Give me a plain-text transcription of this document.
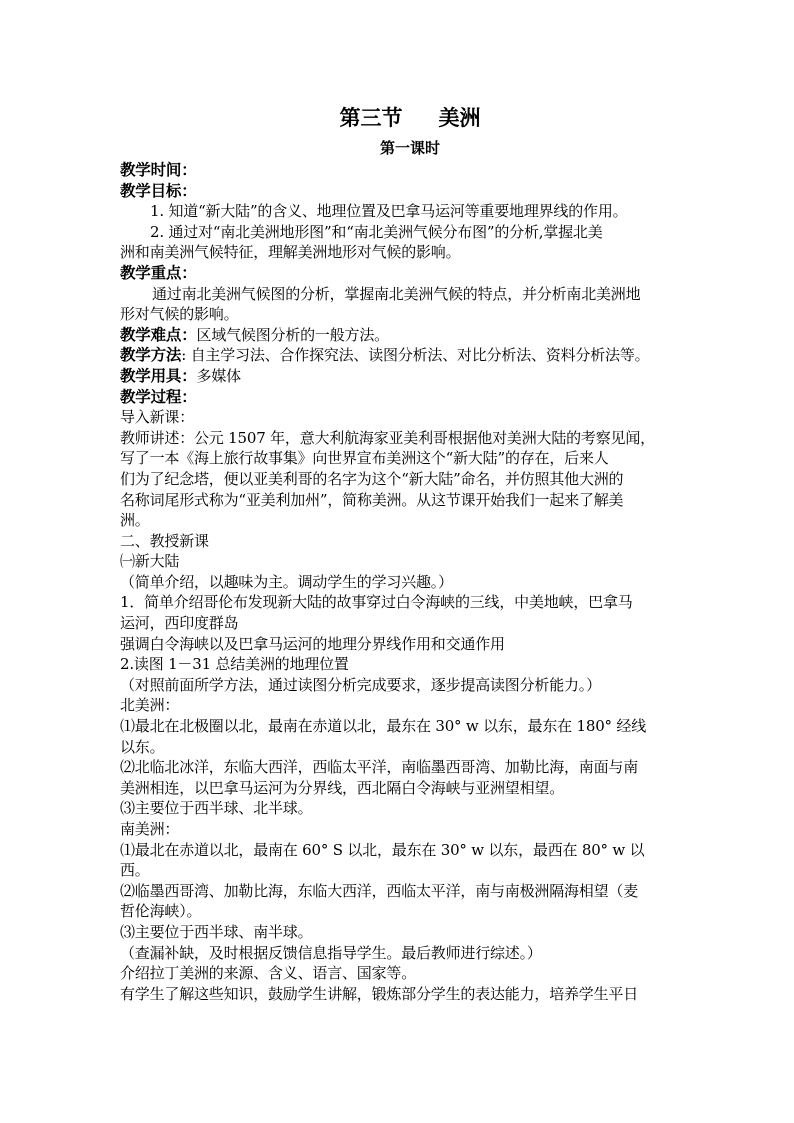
第三节 美洲
第一课时
教学时间：
教学目标：
1. 知道“新大陆”的含义、地理位置及巴拿马运河等重要地理界线的作用。
2. 通过对“南北美洲地形图”和“南北美洲气候分布图”的分析,掌握北美
洲和南美洲气候特征，理解美洲地形对气候的影响。
教学重点：
通过南北美洲气候图的分析，掌握南北美洲气候的特点，并分析南北美洲地
形对气候的影响。
教学难点：区域气候图分析的一般方法。
教学方法: 自主学习法、合作探究法、读图分析法、对比分析法、资料分析法等。
教学用具：多媒体
教学过程：
导入新课：
教师讲述：公元 1507 年，意大利航海家亚美利哥根据他对美洲大陆的考察见闻，
写了一本《海上旅行故事集》向世界宣布美洲这个“新大陆”的存在，后来人
们为了纪念塔，便以亚美利哥的名字为这个“新大陆”命名，并仿照其他大洲的
名称词尾形式称为“亚美利加州”，简称美洲。从这节课开始我们一起来了解美
洲。
二、教授新课
㈠新大陆
（简单介绍，以趣味为主。调动学生的学习兴趣。）
1．简单介绍哥伦布发现新大陆的故事穿过白令海峡的三线，中美地峡，巴拿马
运河，西印度群岛
强调白令海峡以及巴拿马运河的地理分界线作用和交通作用
2.读图 1－31 总结美洲的地理位置
（对照前面所学方法，通过读图分析完成要求，逐步提高读图分析能力。）
北美洲：
⑴最北在北极圈以北，最南在赤道以北，最东在 30° w 以东，最东在 180° 经线
以东。
⑵北临北冰洋，东临大西洋，西临太平洋，南临墨西哥湾、加勒比海，南面与南
美洲相连，以巴拿马运河为分界线，西北隔白令海峡与亚洲望相望。
⑶主要位于西半球、北半球。
南美洲：
⑴最北在赤道以北，最南在 60° S 以北，最东在 30° w 以东，最西在 80° w 以
西。
⑵临墨西哥湾、加勒比海，东临大西洋，西临太平洋，南与南极洲隔海相望（麦
哲伦海峡）。
⑶主要位于西半球、南半球。
（查漏补缺，及时根据反馈信息指导学生。最后教师进行综述。）
介绍拉丁美洲的来源、含义、语言、国家等。
有学生了解这些知识，鼓励学生讲解，锻炼部分学生的表达能力，培养学生平日
